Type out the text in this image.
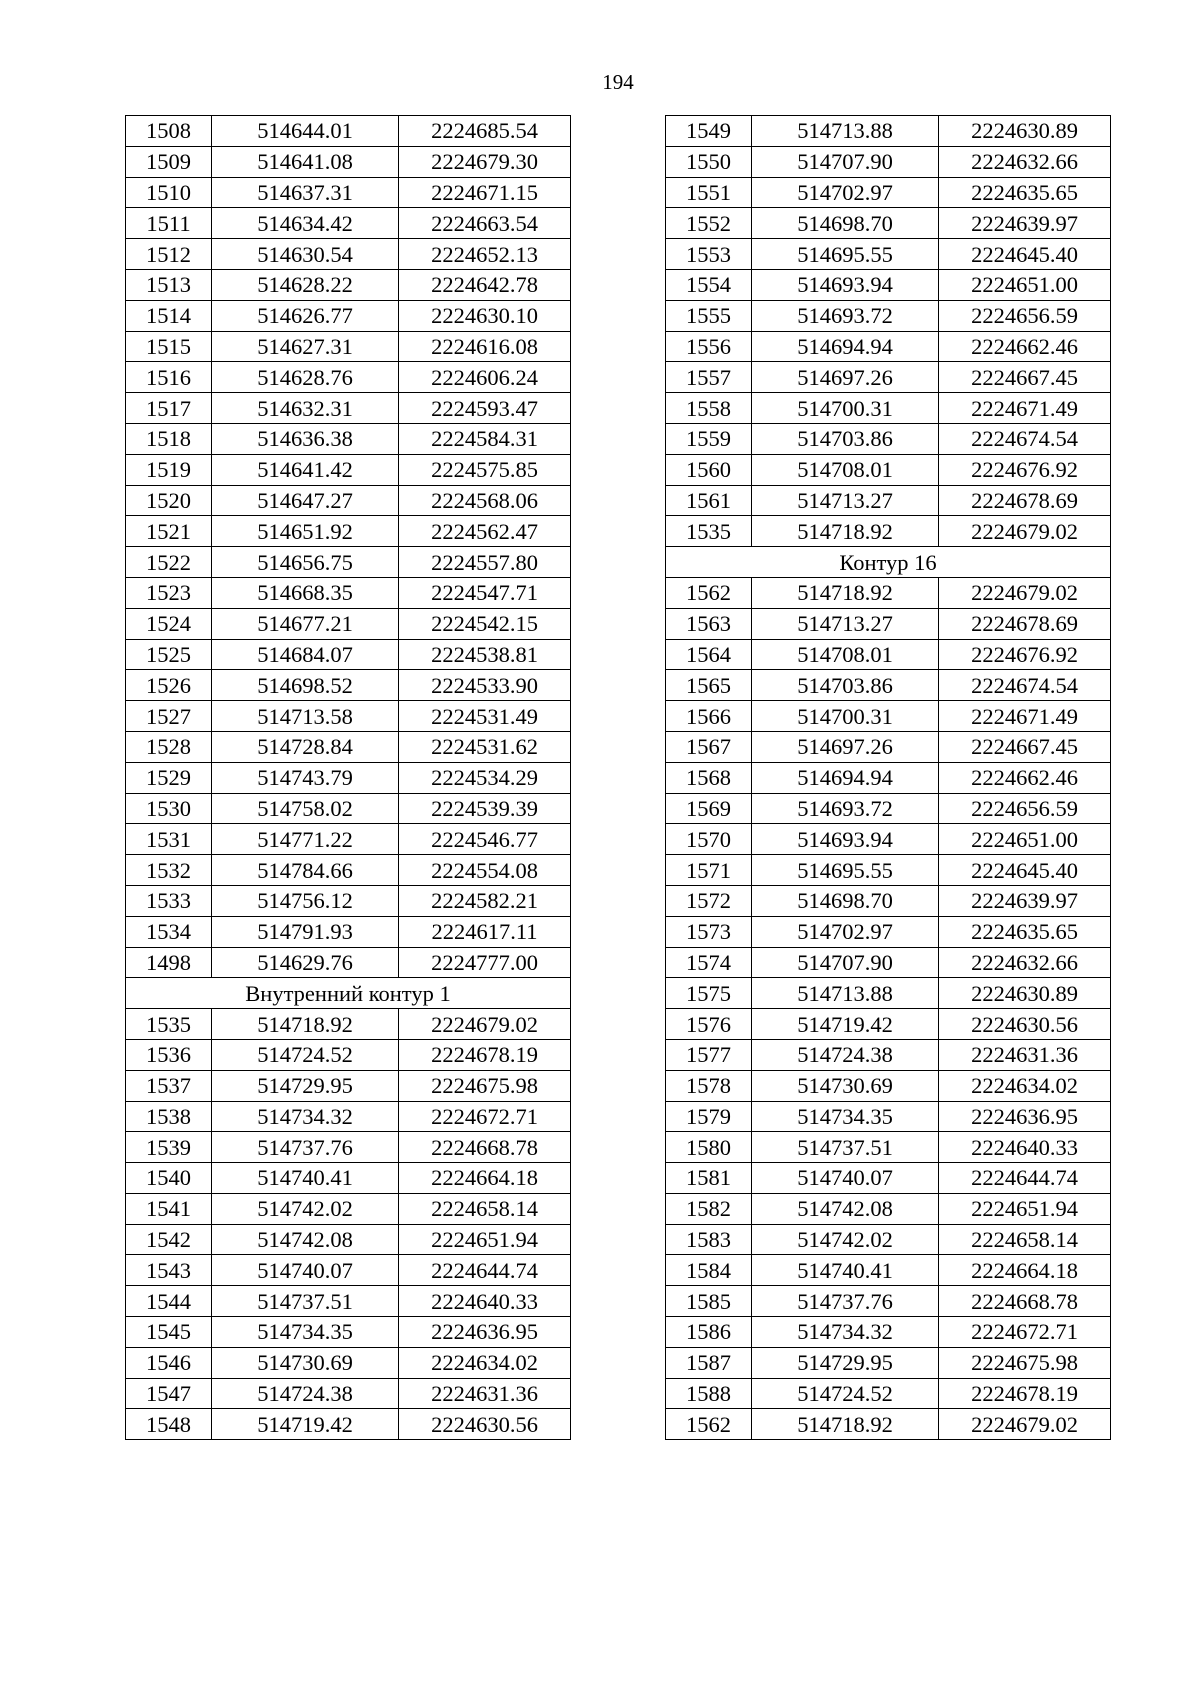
194
1508	514644.01	2224685.54
1509	514641.08	2224679.30
1510	514637.31	2224671.15
1511	514634.42	2224663.54
1512	514630.54	2224652.13
1513	514628.22	2224642.78
1514	514626.77	2224630.10
1515	514627.31	2224616.08
1516	514628.76	2224606.24
1517	514632.31	2224593.47
1518	514636.38	2224584.31
1519	514641.42	2224575.85
1520	514647.27	2224568.06
1521	514651.92	2224562.47
1522	514656.75	2224557.80
1523	514668.35	2224547.71
1524	514677.21	2224542.15
1525	514684.07	2224538.81
1526	514698.52	2224533.90
1527	514713.58	2224531.49
1528	514728.84	2224531.62
1529	514743.79	2224534.29
1530	514758.02	2224539.39
1531	514771.22	2224546.77
1532	514784.66	2224554.08
1533	514756.12	2224582.21
1534	514791.93	2224617.11
1498	514629.76	2224777.00
Внутренний контур 1		
1535	514718.92	2224679.02
1536	514724.52	2224678.19
1537	514729.95	2224675.98
1538	514734.32	2224672.71
1539	514737.76	2224668.78
1540	514740.41	2224664.18
1541	514742.02	2224658.14
1542	514742.08	2224651.94
1543	514740.07	2224644.74
1544	514737.51	2224640.33
1545	514734.35	2224636.95
1546	514730.69	2224634.02
1547	514724.38	2224631.36
1548	514719.42	2224630.56
1549	514713.88	2224630.89
1550	514707.90	2224632.66
1551	514702.97	2224635.65
1552	514698.70	2224639.97
1553	514695.55	2224645.40
1554	514693.94	2224651.00
1555	514693.72	2224656.59
1556	514694.94	2224662.46
1557	514697.26	2224667.45
1558	514700.31	2224671.49
1559	514703.86	2224674.54
1560	514708.01	2224676.92
1561	514713.27	2224678.69
1535	514718.92	2224679.02
Контур 16		
1562	514718.92	2224679.02
1563	514713.27	2224678.69
1564	514708.01	2224676.92
1565	514703.86	2224674.54
1566	514700.31	2224671.49
1567	514697.26	2224667.45
1568	514694.94	2224662.46
1569	514693.72	2224656.59
1570	514693.94	2224651.00
1571	514695.55	2224645.40
1572	514698.70	2224639.97
1573	514702.97	2224635.65
1574	514707.90	2224632.66
1575	514713.88	2224630.89
1576	514719.42	2224630.56
1577	514724.38	2224631.36
1578	514730.69	2224634.02
1579	514734.35	2224636.95
1580	514737.51	2224640.33
1581	514740.07	2224644.74
1582	514742.08	2224651.94
1583	514742.02	2224658.14
1584	514740.41	2224664.18
1585	514737.76	2224668.78
1586	514734.32	2224672.71
1587	514729.95	2224675.98
1588	514724.52	2224678.19
1562	514718.92	2224679.02
